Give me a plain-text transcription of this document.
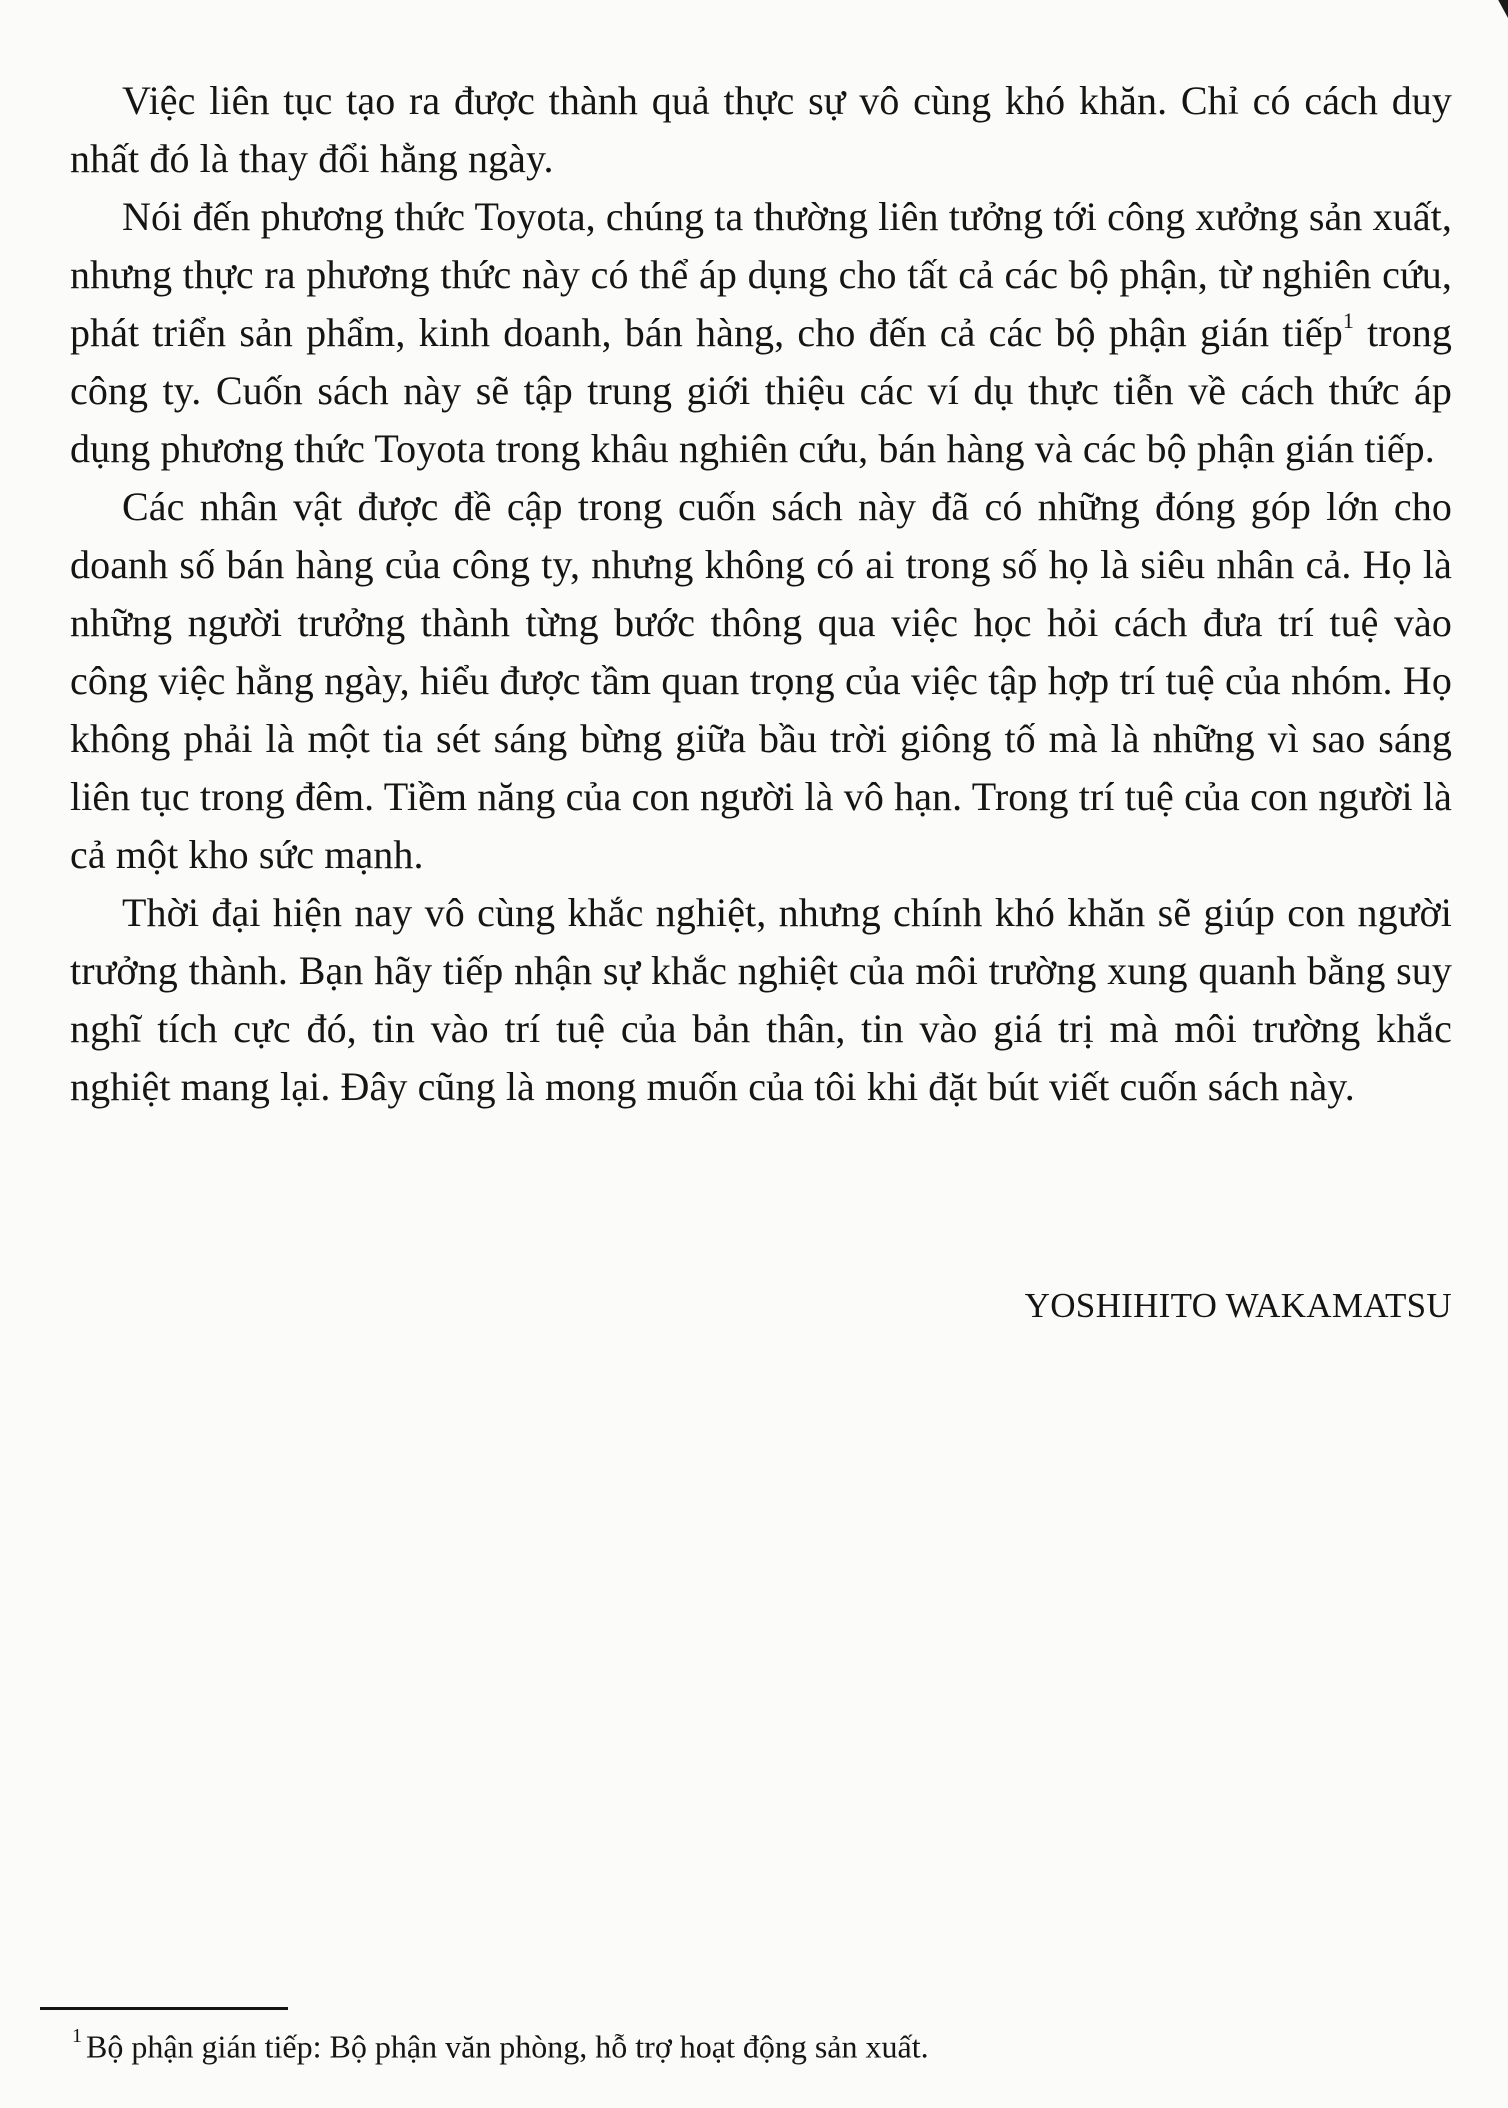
Việc liên tục tạo ra được thành quả thực sự vô cùng khó khăn. Chỉ có cách duy nhất đó là thay đổi hằng ngày.

Nói đến phương thức Toyota, chúng ta thường liên tưởng tới công xưởng sản xuất, nhưng thực ra phương thức này có thể áp dụng cho tất cả các bộ phận, từ nghiên cứu, phát triển sản phẩm, kinh doanh, bán hàng, cho đến cả các bộ phận gián tiếp$^1$ trong công ty. Cuốn sách này sẽ tập trung giới thiệu các ví dụ thực tiễn về cách thức áp dụng phương thức Toyota trong khâu nghiên cứu, bán hàng và các bộ phận gián tiếp.

Các nhân vật được đề cập trong cuốn sách này đã có những đóng góp lớn cho doanh số bán hàng của công ty, nhưng không có ai trong số họ là siêu nhân cả. Họ là những người trưởng thành từng bước thông qua việc học hỏi cách đưa trí tuệ vào công việc hằng ngày, hiểu được tầm quan trọng của việc tập hợp trí tuệ của nhóm. Họ không phải là một tia sét sáng bừng giữa bầu trời giông tố mà là những vì sao sáng liên tục trong đêm. Tiềm năng của con người là vô hạn. Trong trí tuệ của con người là cả một kho sức mạnh.

Thời đại hiện nay vô cùng khắc nghiệt, nhưng chính khó khăn sẽ giúp con người trưởng thành. Bạn hãy tiếp nhận sự khắc nghiệt của môi trường xung quanh bằng suy nghĩ tích cực đó, tin vào trí tuệ của bản thân, tin vào giá trị mà môi trường khắc nghiệt mang lại. Đây cũng là mong muốn của tôi khi đặt bút viết cuốn sách này.

YOSHIHITO WAKAMATSU
$^1$ Bộ phận gián tiếp: Bộ phận văn phòng, hỗ trợ hoạt động sản xuất.
